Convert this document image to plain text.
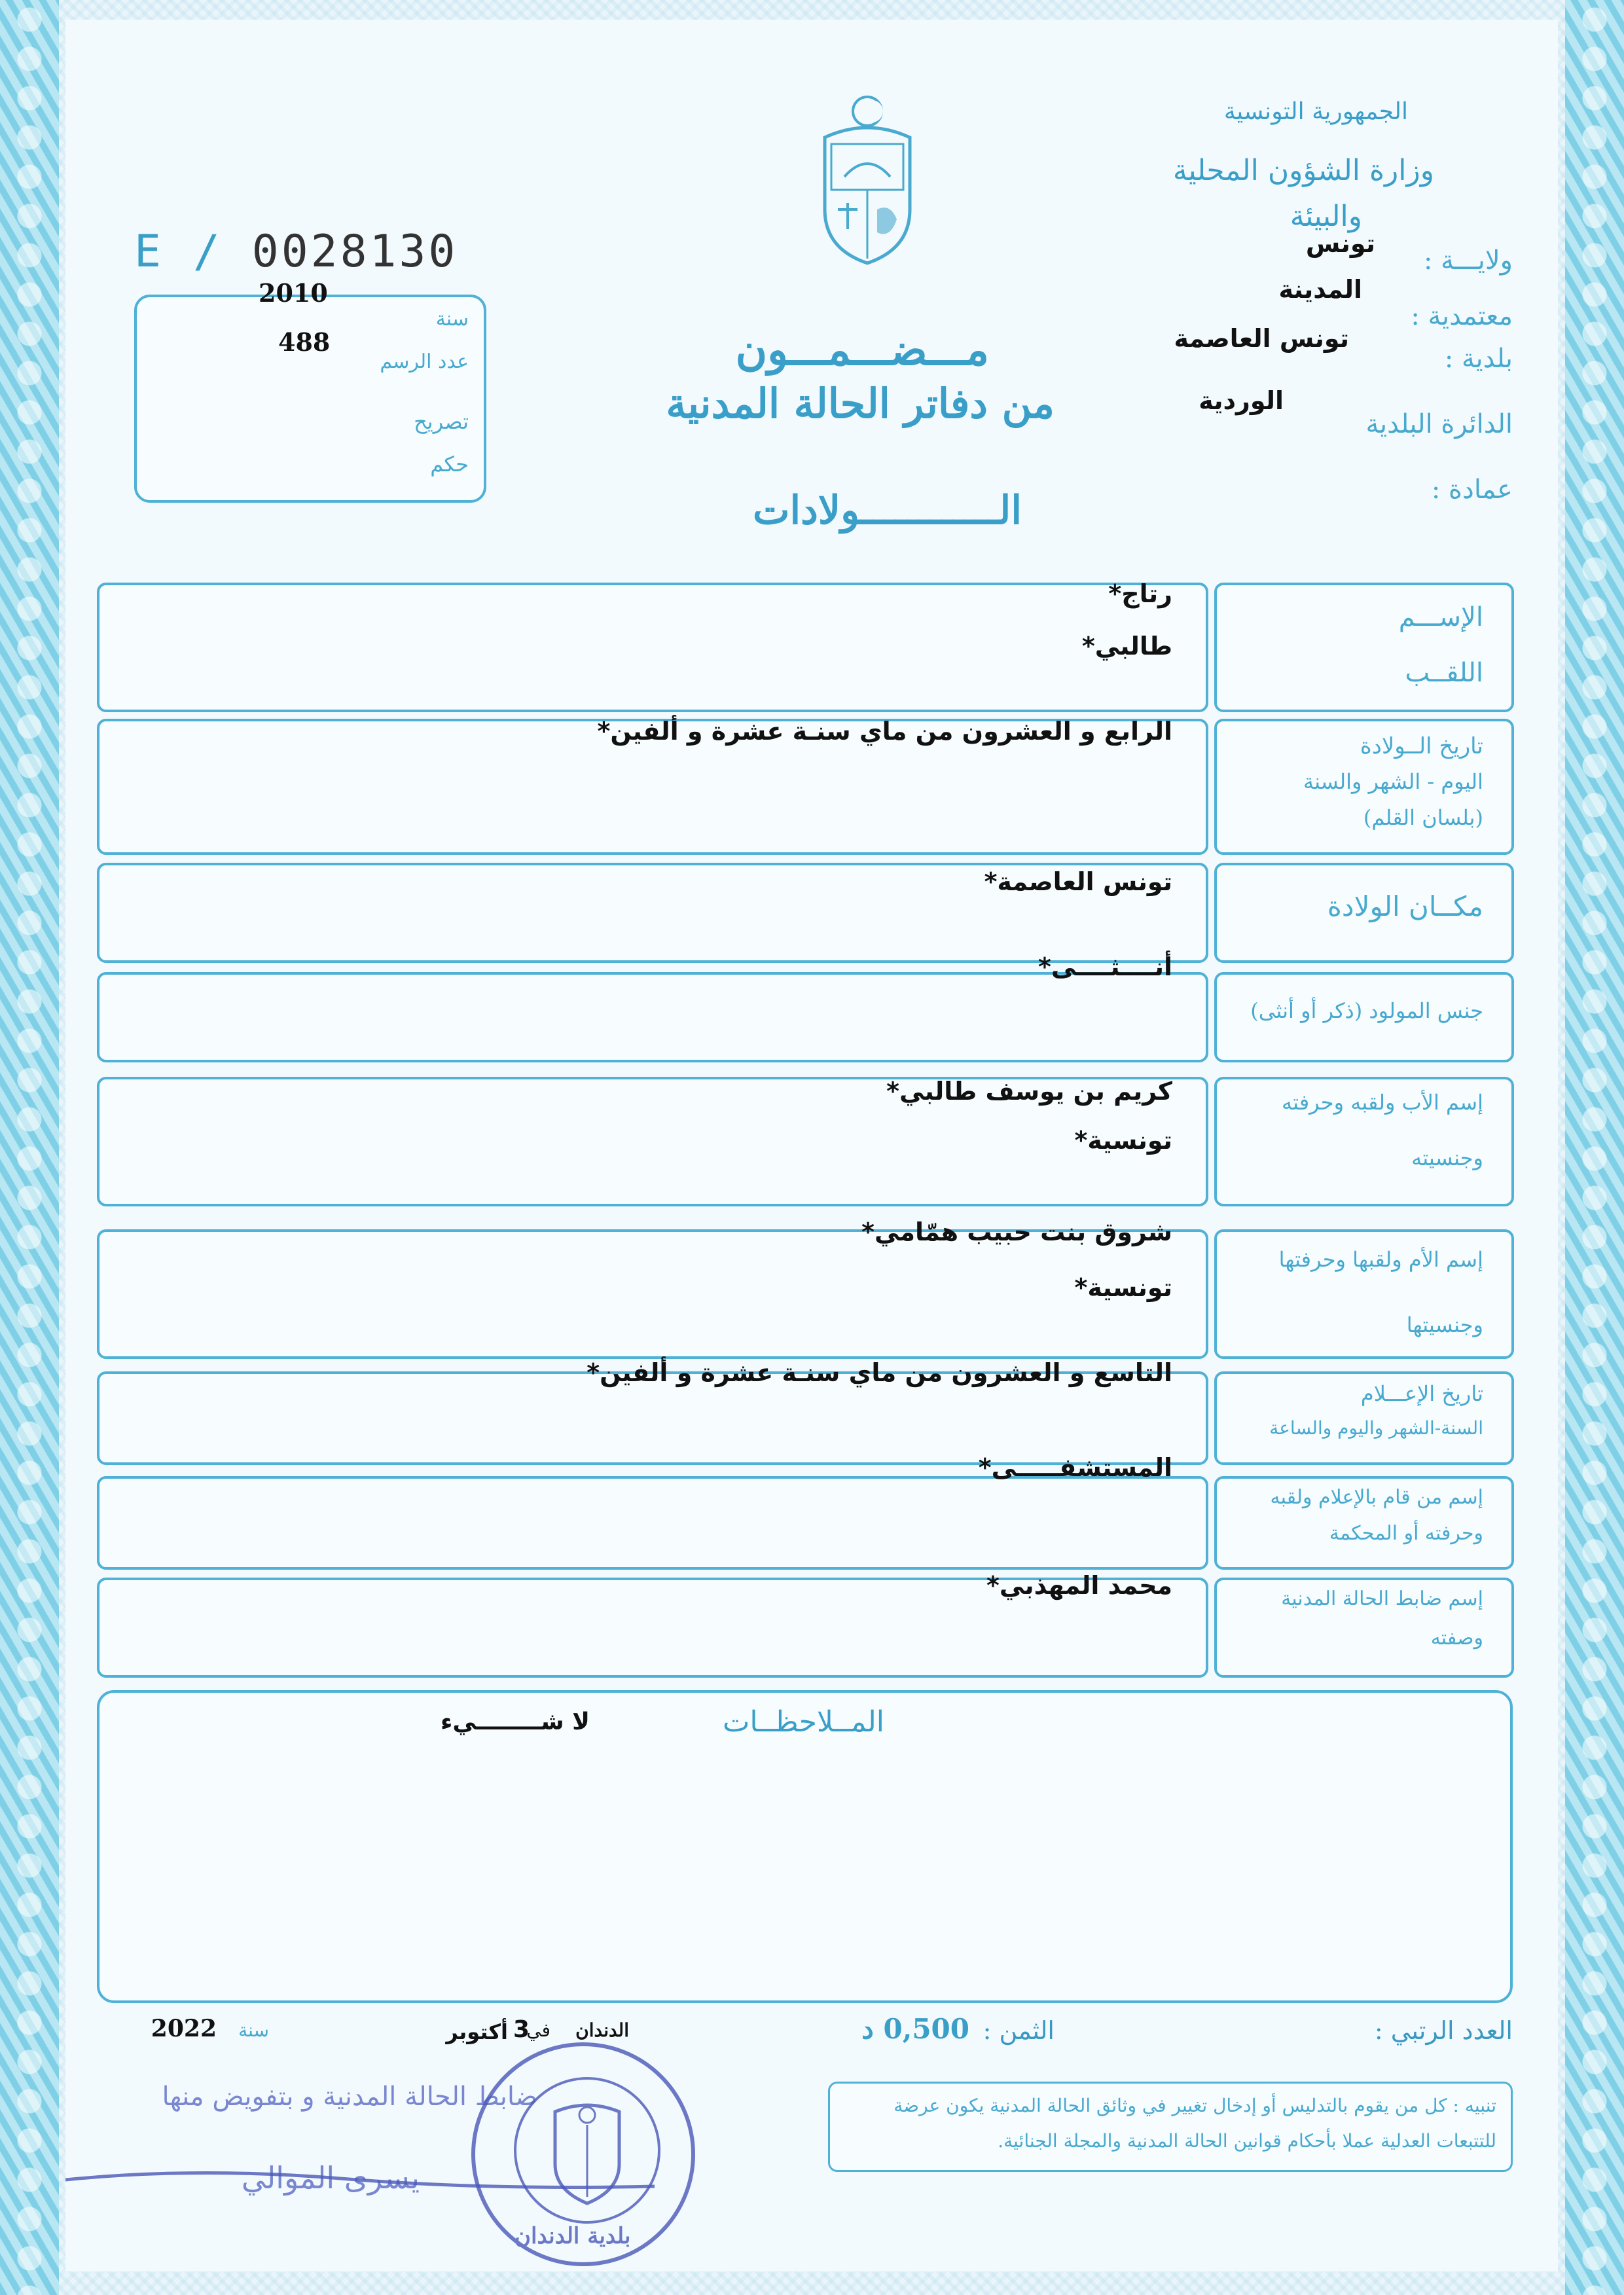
الجمهورية التونسية
وزارة الشؤون المحلية
والبيئة
E / 0028130
سنة
2010
عدد الرسم
488
تصريح
حكم
مـــضـــمـــون
من دفاتر الحالة المدنية
الــــــــــــولادات
ولايـــة :
تونس
معتمدية :
المدينة
بلدية :
تونس العاصمة
الدائرة البلدية
الوردية
عمادة :
الإســـم
اللقــب
رتاج*
طالبي*
تاريخ الــولادة
اليوم - الشهر والسنة
(بلسان القلم)
الرابع و العشرون من ماي سنـة عشرة و ألفين*
مكــان الولادة
تونس العاصمة*
جنس المولود (ذكر أو أنثى)
أنــــثــــى*
إسم الأب ولقبه وحرفته
وجنسيته
كريم بن يوسف طالبي*
تونسية*
إسم الأم ولقبها وحرفتها
وجنسيتها
شروق بنت حبيب همّامي*
تونسية*
تاريخ الإعـــلام
السنة-الشهر واليوم والساعة
التاسع و العشرون من ماي سنـة عشرة و ألفين*
إسم من قام بالإعلام ولقبه
وحرفته أو المحكمة
المستشفـــــى*
إسم ضابط الحالة المدنية
وصفته
محمد المهذبي*
المــلاحظــات
لا شــــــــيء
العدد الرتبي :
الثمن :
0,500 د
الدندان
في
3
أكتوبر
سنة
2022
تنبيه : كل من يقوم بالتدليس أو إدخال تغيير في وثائق الحالة المدنية يكون عرضة
للتتبعات العدلية عملا بأحكام قوانين الحالة المدنية والمجلة الجنائية.
ضابط الحالة المدنية و بتفويض منها
يسرى الموالي
بلدية الدندان
